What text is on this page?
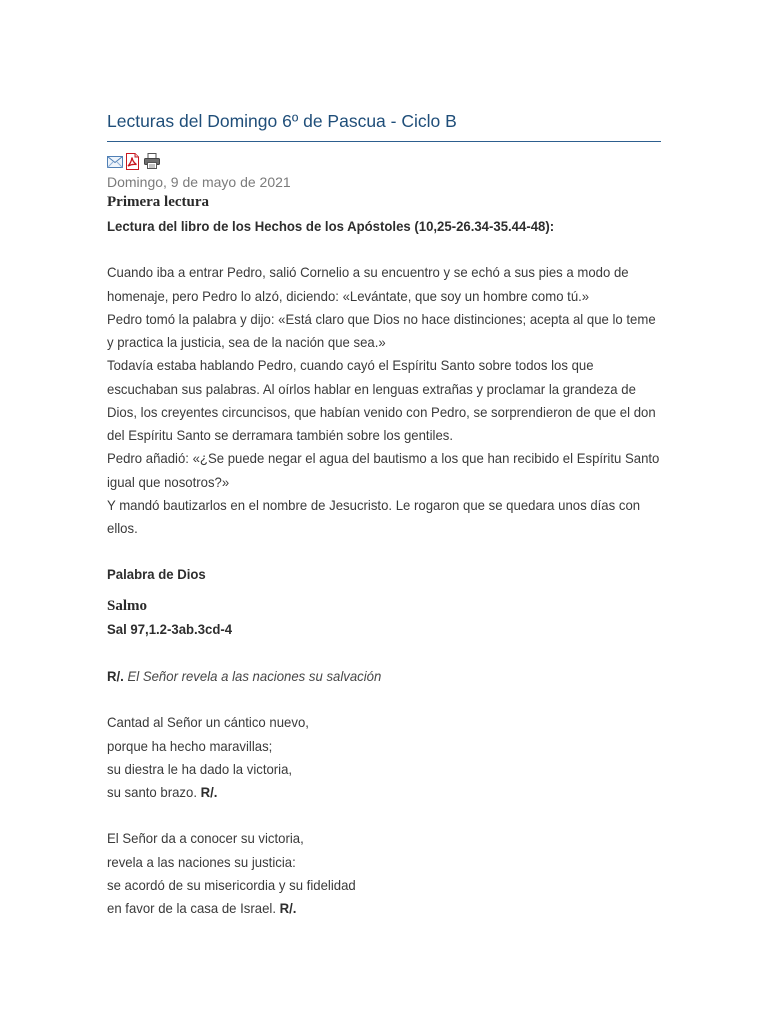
Lecturas del Domingo 6º de Pascua - Ciclo B
Domingo, 9 de mayo de 2021
Primera lectura
Lectura del libro de los Hechos de los Apóstoles (10,25-26.34-35.44-48):
Cuando iba a entrar Pedro, salió Cornelio a su encuentro y se echó a sus pies a modo de
homenaje, pero Pedro lo alzó, diciendo: «Levántate, que soy un hombre como tú.»
Pedro tomó la palabra y dijo: «Está claro que Dios no hace distinciones; acepta al que lo teme
y practica la justicia, sea de la nación que sea.»
Todavía estaba hablando Pedro, cuando cayó el Espíritu Santo sobre todos los que
escuchaban sus palabras. Al oírlos hablar en lenguas extrañas y proclamar la grandeza de
Dios, los creyentes circuncisos, que habían venido con Pedro, se sorprendieron de que el don
del Espíritu Santo se derramara también sobre los gentiles.
Pedro añadió: «¿Se puede negar el agua del bautismo a los que han recibido el Espíritu Santo
igual que nosotros?»
Y mandó bautizarlos en el nombre de Jesucristo. Le rogaron que se quedara unos días con
ellos.
Palabra de Dios
Salmo
Sal 97,1.2-3ab.3cd-4
R/. El Señor revela a las naciones su salvación
Cantad al Señor un cántico nuevo,
porque ha hecho maravillas;
su diestra le ha dado la victoria,
su santo brazo. R/.
El Señor da a conocer su victoria,
revela a las naciones su justicia:
se acordó de su misericordia y su fidelidad
en favor de la casa de Israel. R/.
